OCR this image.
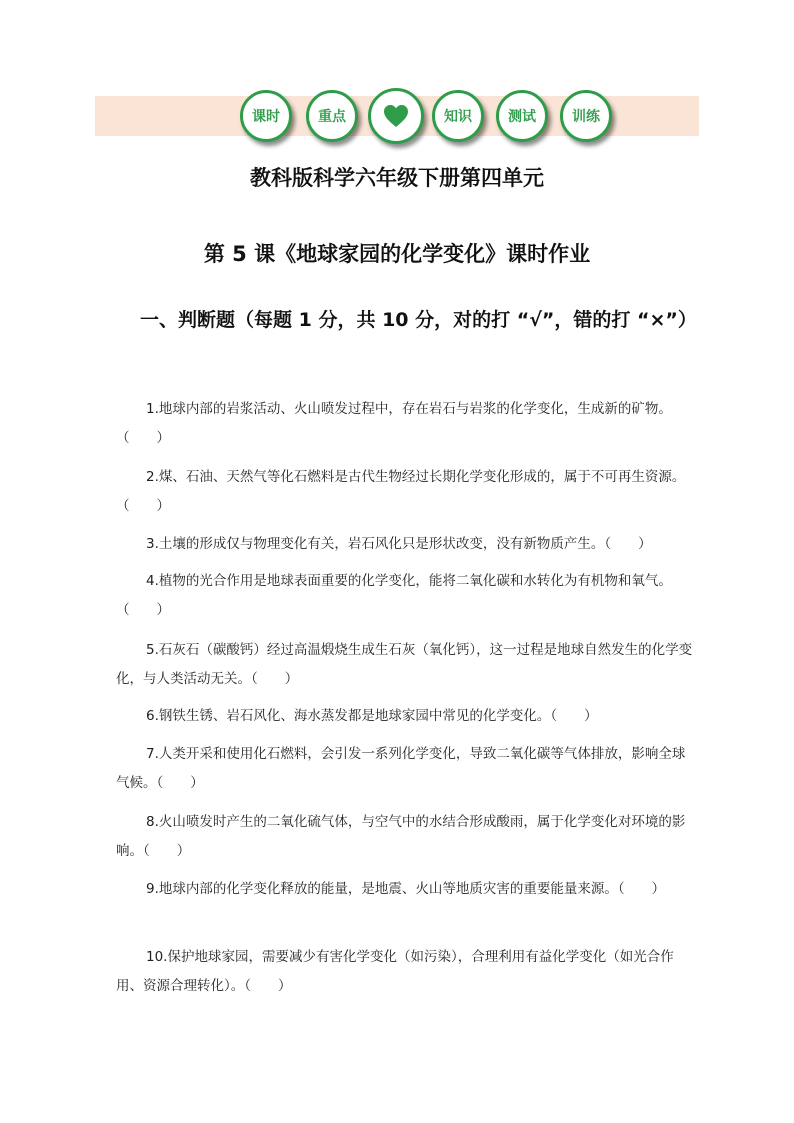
课时	重点	知识	测试	训练
教科版科学六年级下册第四单元
第 5 课《地球家园的化学变化》课时作业

一、判断题（每题 1 分，共 10 分，对的打 “√”，错的打 “×”）

1.地球内部的岩浆活动、火山喷发过程中，存在岩石与岩浆的化学变化，生成新的矿物。（　　）

2.煤、石油、天然气等化石燃料是古代生物经过长期化学变化形成的，属于不可再生资源。（　　）

3.土壤的形成仅与物理变化有关，岩石风化只是形状改变，没有新物质产生。（　　）

4.植物的光合作用是地球表面重要的化学变化，能将二氧化碳和水转化为有机物和氧气。（　　）

5.石灰石（碳酸钙）经过高温煅烧生成生石灰（氧化钙），这一过程是地球自然发生的化学变化，与人类活动无关。（　　）

6.钢铁生锈、岩石风化、海水蒸发都是地球家园中常见的化学变化。（　　）

7.人类开采和使用化石燃料，会引发一系列化学变化，导致二氧化碳等气体排放，影响全球气候。（　　）

8.火山喷发时产生的二氧化硫气体，与空气中的水结合形成酸雨，属于化学变化对环境的影响。（　　）

9.地球内部的化学变化释放的能量，是地震、火山等地质灾害的重要能量来源。（　　）

10.保护地球家园，需要减少有害化学变化（如污染），合理利用有益化学变化（如光合作用、资源合理转化）。（　　）
